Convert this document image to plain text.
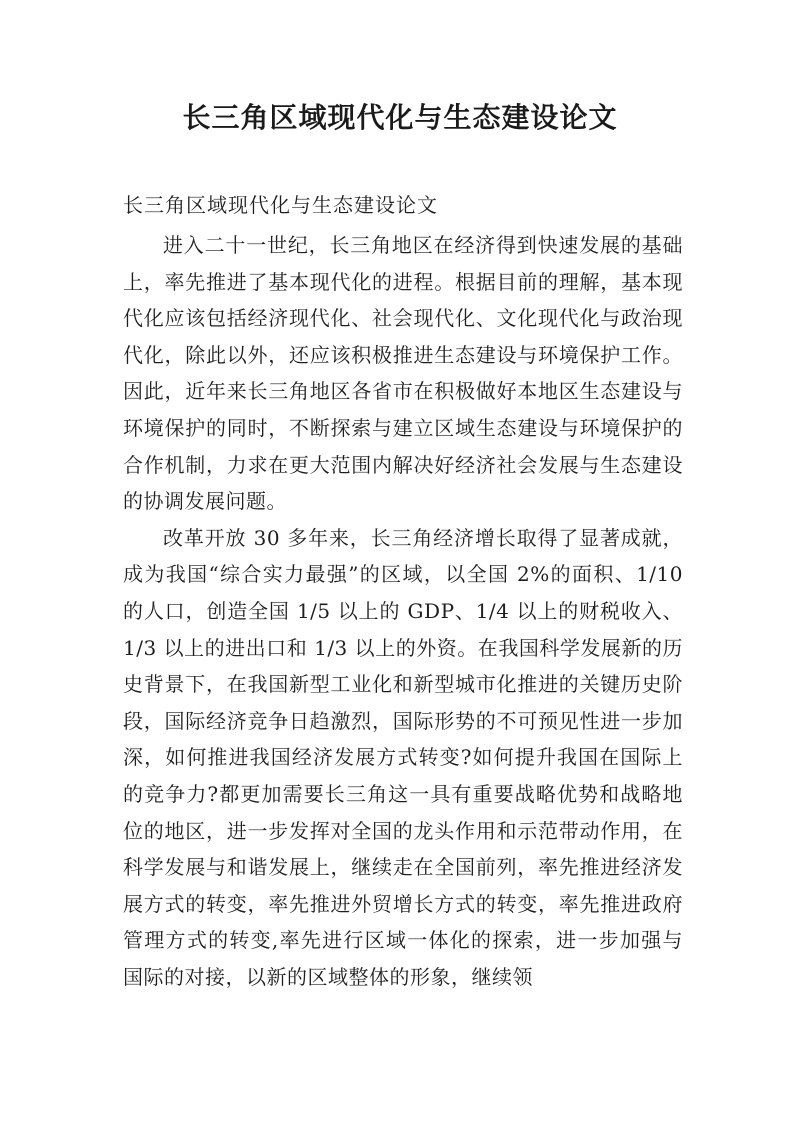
长三角区域现代化与生态建设论文
长三角区域现代化与生态建设论文

进入二十一世纪，长三角地区在经济得到快速发展的基础上，率先推进了基本现代化的进程。根据目前的理解，基本现代化应该包括经济现代化、社会现代化、文化现代化与政治现代化，除此以外，还应该积极推进生态建设与环境保护工作。因此，近年来长三角地区各省市在积极做好本地区生态建设与环境保护的同时，不断探索与建立区域生态建设与环境保护的合作机制，力求在更大范围内解决好经济社会发展与生态建设的协调发展问题。

改革开放 30 多年来，长三角经济增长取得了显著成就，成为我国“综合实力最强”的区域，以全国 2%的面积、1/10 的人口，创造全国 1/5 以上的 GDP、1/4 以上的财税收入、1/3 以上的进出口和 1/3 以上的外资。在我国科学发展新的历史背景下，在我国新型工业化和新型城市化推进的关键历史阶段，国际经济竞争日趋激烈，国际形势的不可预见性进一步加深，如何推进我国经济发展方式转变?如何提升我国在国际上的竞争力?都更加需要长三角这一具有重要战略优势和战略地位的地区，进一步发挥对全国的龙头作用和示范带动作用，在科学发展与和谐发展上，继续走在全国前列，率先推进经济发展方式的转变，率先推进外贸增长方式的转变，率先推进政府管理方式的转变,率先进行区域一体化的探索，进一步加强与国际的对接，以新的区域整体的形象，继续领
